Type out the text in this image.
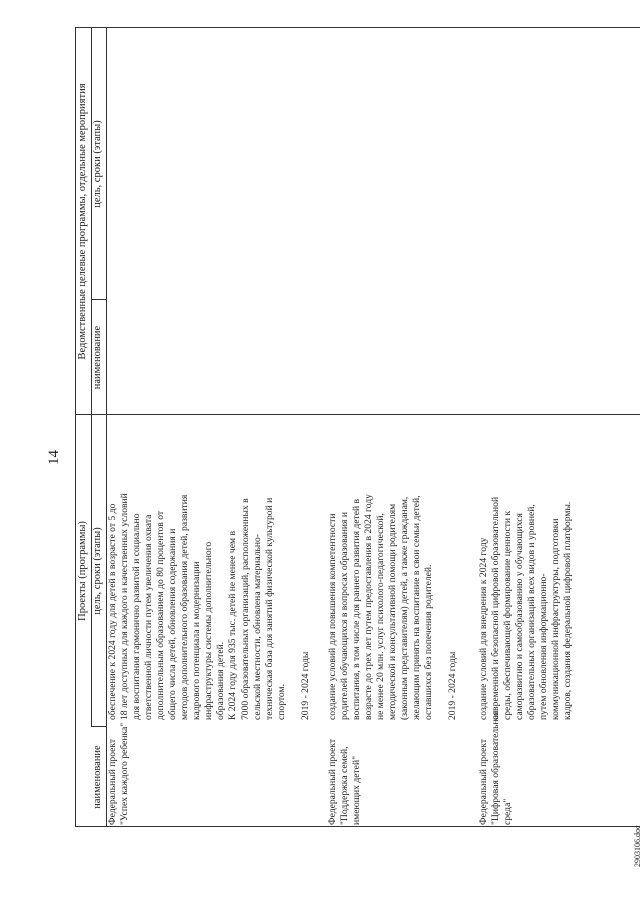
14
наименование
Проекты (программы) цель, сроки (этапы)
Ведомственные целевые программы, отдельные мероприятия наименование
цель, сроки (этапы)
Федеральный проект "Успех каждого ребенка"
обеспечение к 2024 году для детей в возрасте от 5 до 18 лет доступных для каждого и качественных условий для воспитания гармонично развитой и социально ответственной личности путем увеличения охвата дополнительным образованием до 80 процентов от общего числа детей, обновления содержания и методов дополнительного образования детей, развития кадрового потенциала и модернизации инфраструктуры системы дополнительного образования детей. К 2024 году для 935 тыс. детей не менее чем в 7000 образовательных организаций, расположенных в сельской местности, обновлена материально- техническая база для занятий физической культурой и спортом.
2019 - 2024 годы
Федеральный проект "Поддержка семей, имеющих детей"
создание условий для повышения компетентности родителей обучающихся в вопросах образования и воспитания, в том числе для раннего развития детей в возрасте до трех лет путем предоставления в 2024 году не менее 20 млн. услуг психолого-педагогической, методической и консультативной помощи родителям (законным представителям) детей, а также гражданам, желающим принять на воспитание в свои семьи детей, оставшихся без попечения родителей.
2019 - 2024 годы
Федеральный проект "Цифровая образовательная среда"
создание условий для внедрения к 2024 году современной и безопасной цифровой образовательной среды, обеспечивающей формирование ценности к саморазвитию и самообразованию у обучающихся образовательных организаций всех видов и уровней, путем обновления информационно- коммуникационной инфраструктуры, подготовки кадров, создания федеральной цифровой платформы.
2903106.doc
